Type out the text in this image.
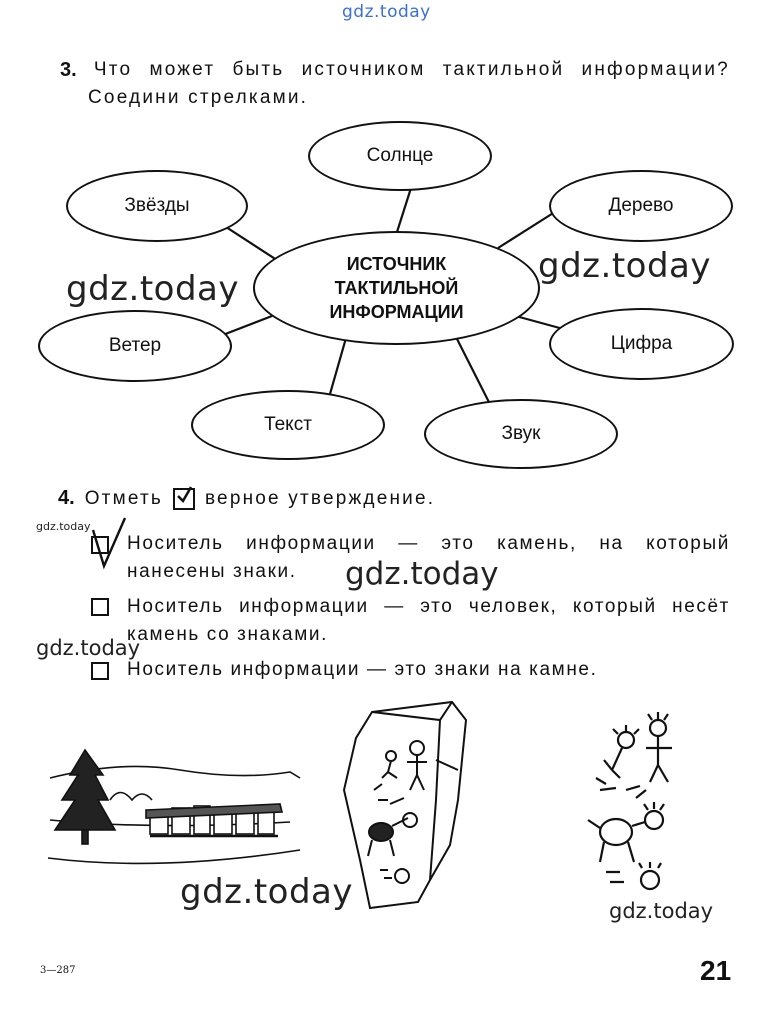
gdz.today
3. Что может быть источником тактильной информации?
Соедини стрелками.
Солнце
Звёзды	Дерево
ИСТОЧНИК
ТАКТИЛЬНОЙ
ИНФОРМАЦИИ
Ветер	Цифра
Текст	Звук
gdz.today
gdz.today
4. Отметь верное утверждение.
gdz.today
Носитель информации — это камень, на который
нанесены знаки.	gdz.today
Носитель информации — это человек, который несёт
камень со знаками.
gdz.today
Носитель информации — это знаки на камне.
gdz.today	gdz.today
3—287	21
